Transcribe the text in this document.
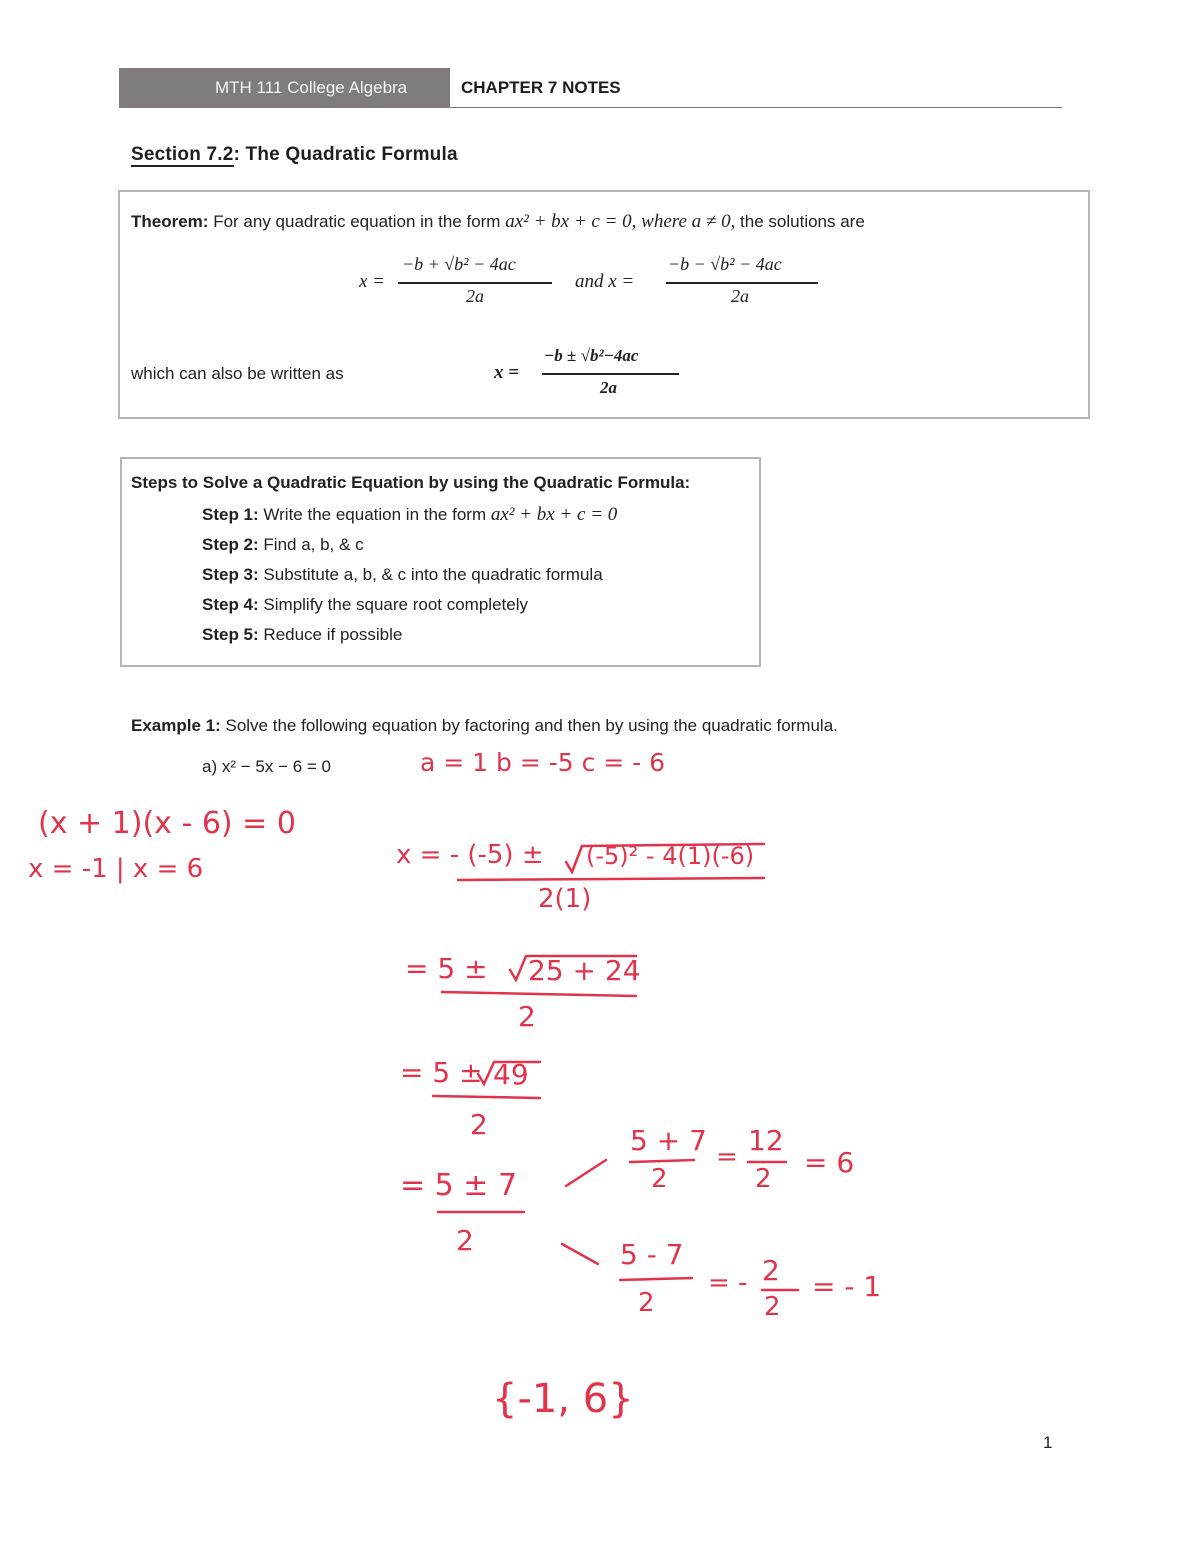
MTH 111 College Algebra	CHAPTER 7 NOTES
Section 7.2: The Quadratic Formula
Theorem: For any quadratic equation in the form ax² + bx + c = 0, where a ≠ 0, the solutions are
x =
−b + √b² − 4ac
2a
and x =
−b − √b² − 4ac
2a
which can also be written as	x =
−b ± √b²−4ac
2a
Steps to Solve a Quadratic Equation by using the Quadratic Formula:
Step 1: Write the equation in the form ax² + bx + c = 0
Step 2: Find a, b, & c
Step 3: Substitute a, b, & c into the quadratic formula
Step 4: Simplify the square root completely
Step 5: Reduce if possible
Example 1: Solve the following equation by factoring and then by using the quadratic formula.
a) x² − 5x − 6 = 0	a = 1 b = -5 c = - 6
(x + 1)(x - 6) = 0
x = -1 | x = 6	x = - (-5) ± (-5)² - 4(1)(-6)
2(1)
= 5 ± 25 + 24
2
= 5 ± 49
2
= 5 ± 7
2
5 + 7
2
= 12
2 = 6
5 - 7
2
= - 2
2
= - 1
{-1, 6}
1
